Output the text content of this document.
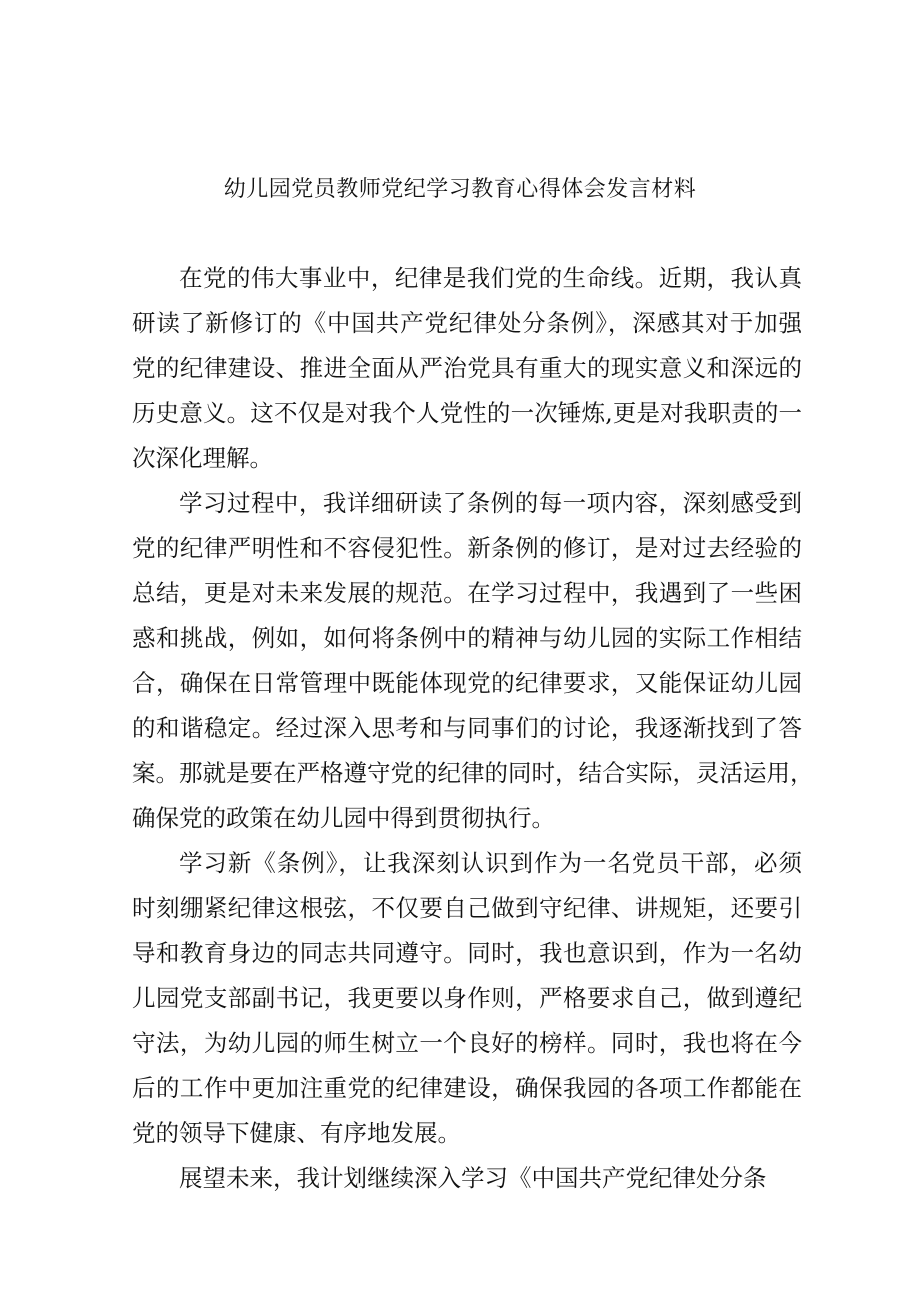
幼儿园党员教师党纪学习教育心得体会发言材料

在党的伟大事业中，纪律是我们党的生命线。近期，我认真
研读了新修订的《中国共产党纪律处分条例》，深感其对于加强
党的纪律建设、推进全面从严治党具有重大的现实意义和深远的
历史意义。这不仅是对我个人党性的一次锤炼,更是对我职责的一
次深化理解。

学习过程中，我详细研读了条例的每一项内容，深刻感受到
党的纪律严明性和不容侵犯性。新条例的修订，是对过去经验的
总结，更是对未来发展的规范。在学习过程中，我遇到了一些困
惑和挑战，例如，如何将条例中的精神与幼儿园的实际工作相结
合，确保在日常管理中既能体现党的纪律要求，又能保证幼儿园
的和谐稳定。经过深入思考和与同事们的讨论，我逐渐找到了答
案。那就是要在严格遵守党的纪律的同时，结合实际，灵活运用，
确保党的政策在幼儿园中得到贯彻执行。

学习新《条例》，让我深刻认识到作为一名党员干部，必须
时刻绷紧纪律这根弦，不仅要自己做到守纪律、讲规矩，还要引
导和教育身边的同志共同遵守。同时，我也意识到，作为一名幼
儿园党支部副书记，我更要以身作则，严格要求自己，做到遵纪
守法，为幼儿园的师生树立一个良好的榜样。同时，我也将在今
后的工作中更加注重党的纪律建设，确保我园的各项工作都能在
党的领导下健康、有序地发展。

展望未来，我计划继续深入学习《中国共产党纪律处分条
